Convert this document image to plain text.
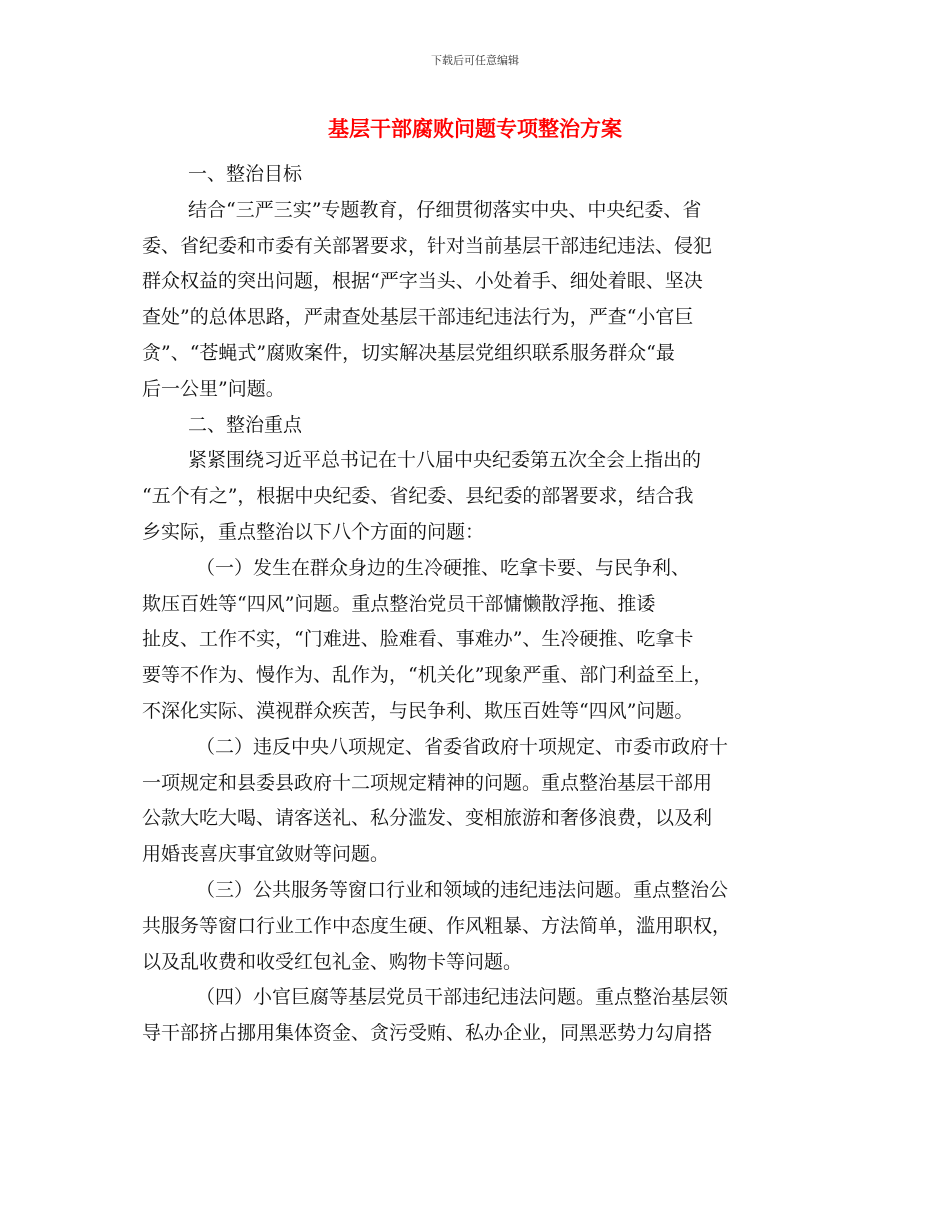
下载后可任意编辑
基层干部腐败问题专项整治方案
一、整治目标
结合“三严三实”专题教育，仔细贯彻落实中央、中央纪委、省
委、省纪委和市委有关部署要求，针对当前基层干部违纪违法、侵犯
群众权益的突出问题，根据“严字当头、小处着手、细处着眼、坚决
查处”的总体思路，严肃查处基层干部违纪违法行为，严查“小官巨
贪”、“苍蝇式”腐败案件，切实解决基层党组织联系服务群众“最
后一公里”问题。
二、整治重点
紧紧围绕习近平总书记在十八届中央纪委第五次全会上指出的
“五个有之”，根据中央纪委、省纪委、县纪委的部署要求，结合我
乡实际，重点整治以下八个方面的问题：
（一）发生在群众身边的生冷硬推、吃拿卡要、与民争利、
欺压百姓等“四风”问题。重点整治党员干部慵懒散浮拖、推诿
扯皮、工作不实，“门难进、脸难看、事难办”、生冷硬推、吃拿卡
要等不作为、慢作为、乱作为，“机关化”现象严重、部门利益至上，
不深化实际、漠视群众疾苦，与民争利、欺压百姓等“四风”问题。
（二）违反中央八项规定、省委省政府十项规定、市委市政府十
一项规定和县委县政府十二项规定精神的问题。重点整治基层干部用
公款大吃大喝、请客送礼、私分滥发、变相旅游和奢侈浪费，以及利
用婚丧喜庆事宜敛财等问题。
（三）公共服务等窗口行业和领域的违纪违法问题。重点整治公
共服务等窗口行业工作中态度生硬、作风粗暴、方法简单，滥用职权，
以及乱收费和收受红包礼金、购物卡等问题。
（四）小官巨腐等基层党员干部违纪违法问题。重点整治基层领
导干部挤占挪用集体资金、贪污受贿、私办企业，同黑恶势力勾肩搭
